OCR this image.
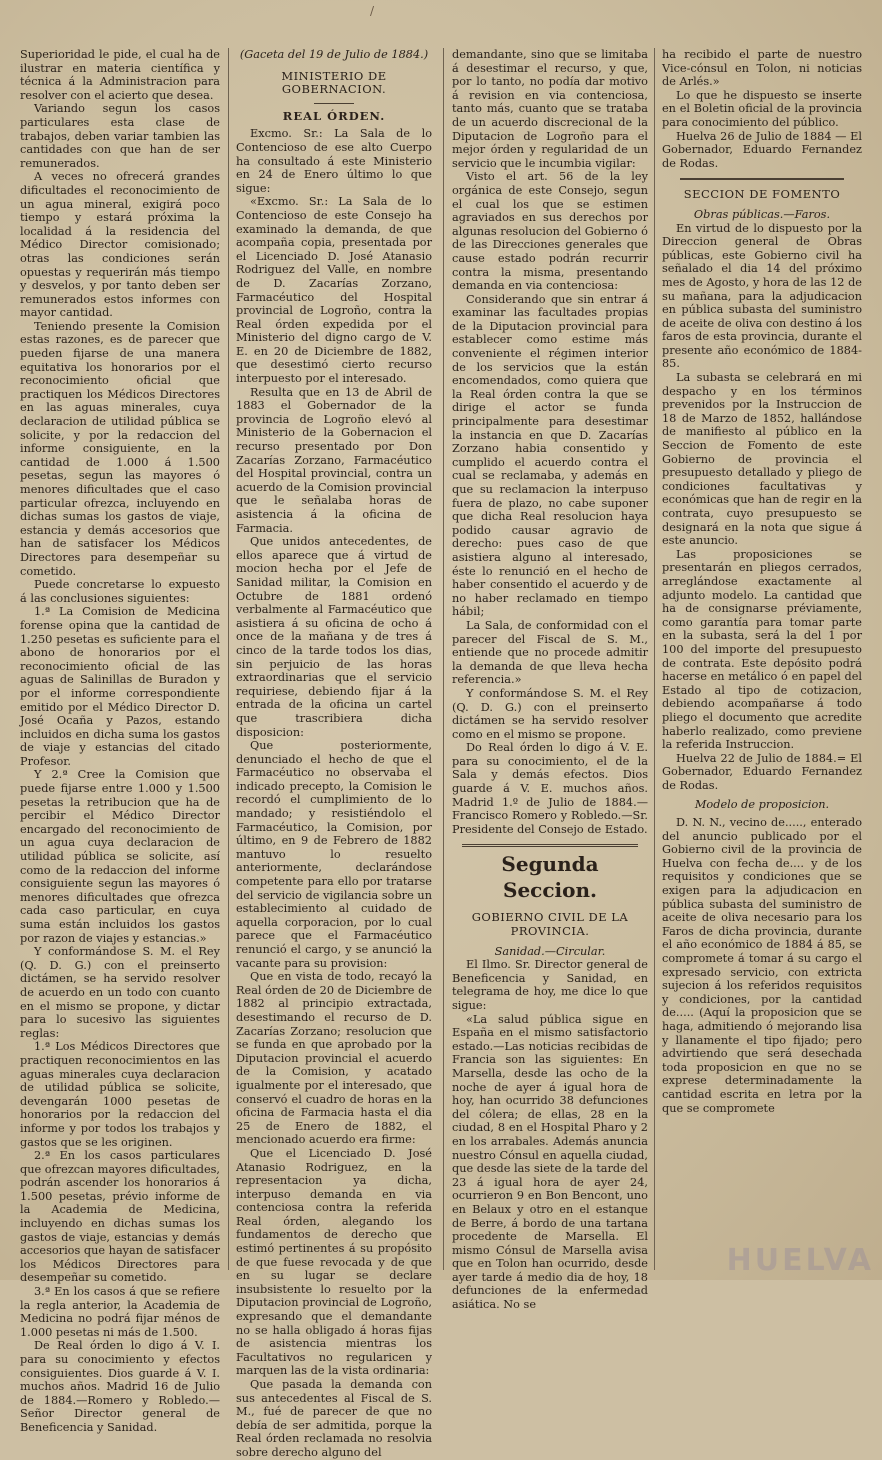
/

Superioridad le pide, el cual ha de ilustrar en materia científica y técnica á la Administracion para resolver con el acierto que desea.

Variando segun los casos particulares esta clase de trabajos, deben variar tambien las cantidades con que han de ser remunerados.

A veces no ofrecerá grandes dificultades el reconocimiento de un agua mineral, exigirá poco tiempo y estará próxima la localidad á la residencia del Médico Director comisionado; otras las condiciones serán opuestas y requerirán más tiempo y desvelos, y por tanto deben ser remunerados estos informes con mayor cantidad.

Teniendo presente la Comision estas razones, es de parecer que pueden fijarse de una manera equitativa los honorarios por el reconocimiento oficial que practiquen los Médicos Directores en las aguas minerales, cuya declaracion de utilidad pública se solicite, y por la redaccion del informe consiguiente, en la cantidad de 1.000 á 1.500 pesetas, segun las mayores ó menores dificultades que el caso particular ofrezca, incluyendo en dichas sumas los gastos de viaje, estancia y demás accesorios que han de satisfacer los Médicos Directores para desempeñar su cometido.

Puede concretarse lo expuesto á las conclusiones siguientes:

1.ª La Comision de Medicina forense opina que la cantidad de 1.250 pesetas es suficiente para el abono de honorarios por el reconocimiento oficial de las aguas de Salinillas de Buradon y por el informe correspondiente emitido por el Médico Director D. José Ocaña y Pazos, estando incluidos en dicha suma los gastos de viaje y estancias del citado Profesor.

Y 2.ª Cree la Comision que puede fijarse entre 1.000 y 1.500 pesetas la retribucion que ha de percibir el Médico Director encargado del reconocimiento de un agua cuya declaracion de utilidad pública se solicite, así como de la redaccion del informe consiguiente segun las mayores ó menores dificultades que ofrezca cada caso particular, en cuya suma están incluidos los gastos por razon de viajes y estancias.»

Y conformándose S. M. el Rey (Q. D. G.) con el preinserto dictámen, se ha servido resolver de acuerdo en un todo con cuanto en el mismo se propone, y dictar para lo sucesivo las siguientes reglas:

1.ª Los Médicos Directores que practiquen reconocimientos en las aguas minerales cuya declaracion de utilidad pública se solicite, devengarán 1000 pesetas de honorarios por la redaccion del informe y por todos los trabajos y gastos que se les originen.

2.ª En los casos particulares que ofrezcan mayores dificultades, podrán ascender los honorarios á 1.500 pesetas, prévio informe de la Academia de Medicina, incluyendo en dichas sumas los gastos de viaje, estancias y demás accesorios que hayan de satisfacer los Médicos Directores para desempeñar su cometido.

3.ª En los casos á que se refiere la regla anterior, la Academia de Medicina no podrá fijar ménos de 1.000 pesetas ni más de 1.500.

De Real órden lo digo á V. I. para su conocimiento y efectos consiguientes. Dios guarde á V. I. muchos años. Madrid 16 de Julio de 1884.—Romero y Robledo.—Señor Director general de Beneficencia y Sanidad.

(Gaceta del 19 de Julio de 1884.)

MINISTERIO DE GOBERNACION.

REAL ÓRDEN.

Excmo. Sr.: La Sala de lo Contencioso de ese alto Cuerpo ha consultado á este Ministerio en 24 de Enero último lo que sigue:

«Excmo. Sr.: La Sala de lo Contencioso de este Consejo ha examinado la demanda, de que acompaña copia, presentada por el Licenciado D. José Atanasio Rodriguez del Valle, en nombre de D. Zacarías Zorzano, Farmacéutico del Hospital provincial de Logroño, contra la Real órden expedida por el Ministerio del digno cargo de V. E. en 20 de Diciembre de 1882, que desestimó cierto recurso interpuesto por el interesado.

Resulta que en 13 de Abril de 1883 el Gobernador de la provincia de Logroño elevó al Ministerio de la Gobernacion el recurso presentado por Don Zacarías Zorzano, Farmacéutico del Hospital provincial, contra un acuerdo de la Comision provincial que le señalaba horas de asistencia á la oficina de Farmacia.

Que unidos antecedentes, de ellos aparece que á virtud de mocion hecha por el Jefe de Sanidad militar, la Comision en Octubre de 1881 ordenó verbalmente al Farmacéutico que asistiera á su oficina de ocho á once de la mañana y de tres á cinco de la tarde todos los dias, sin perjuicio de las horas extraordinarias que el servicio requiriese, debiendo fijar á la entrada de la oficina un cartel que trascribiera dicha disposicion:

Que posteriormente, denunciado el hecho de que el Farmacéutico no observaba el indicado precepto, la Comision le recordó el cumplimiento de lo mandado; y resistiéndolo el Farmacéutico, la Comision, por último, en 9 de Febrero de 1882 mantuvo lo resuelto anteriormente, declarándose competente para ello por tratarse del servicio de vigilancia sobre un establecimiento al cuidado de aquella corporacion, por lo cual parece que el Farmacéutico renunció el cargo, y se anunció la vacante para su provision:

Que en vista de todo, recayó la Real órden de 20 de Diciembre de 1882 al principio extractada, desestimando el recurso de D. Zacarías Zorzano; resolucion que se funda en que aprobado por la Diputacion provincial el acuerdo de la Comision, y acatado igualmente por el interesado, que conservó el cuadro de horas en la oficina de Farmacia hasta el dia 25 de Enero de 1882, el mencionado acuerdo era firme:

Que el Licenciado D. José Atanasio Rodriguez, en la representacion ya dicha, interpuso demanda en via contenciosa contra la referida Real órden, alegando los fundamentos de derecho que estimó pertinentes á su propósito de que fuese revocada y de que en su lugar se declare insubsistente lo resuelto por la Diputacion provincial de Logroño, expresando que el demandante no se halla obligado á horas fijas de asistencia mientras los Facultativos no regularicen y marquen las de la vista ordinaria:

Que pasada la demanda con sus antecedentes al Fiscal de S. M., fué de parecer de que no debía de ser admitida, porque la Real órden reclamada no resolvia sobre derecho alguno del

demandante, sino que se limitaba á desestimar el recurso, y que, por lo tanto, no podía dar motivo á revision en via contenciosa, tanto más, cuanto que se trataba de un acuerdo discrecional de la Diputacion de Logroño para el mejor órden y regularidad de un servicio que le incumbia vigilar:

Visto el art. 56 de la ley orgánica de este Consejo, segun el cual los que se estimen agraviados en sus derechos por algunas resolucion del Gobierno ó de las Direcciones generales que cause estado podrán recurrir contra la misma, presentando demanda en via contenciosa:

Considerando que sin entrar á examinar las facultades propias de la Diputacion provincial para establecer como estime más conveniente el régimen interior de los servicios que la están encomendados, como quiera que la Real órden contra la que se dirige el actor se funda principalmente para desestimar la instancia en que D. Zacarías Zorzano habia consentido y cumplido el acuerdo contra el cual se reclamaba, y además en que su reclamacion la interpuso fuera de plazo, no cabe suponer que dicha Real resolucion haya podido causar agravio de derecho: pues caso de que asistiera alguno al interesado, éste lo renunció en el hecho de haber consentido el acuerdo y de no haber reclamado en tiempo hábil;

La Sala, de conformidad con el parecer del Fiscal de S. M., entiende que no procede admitir la demanda de que lleva hecha referencia.»

Y conformándose S. M. el Rey (Q. D. G.) con el preinserto dictámen se ha servido resolver como en el mismo se propone.

Do Real órden lo digo á V. E. para su conocimiento, el de la Sala y demás efectos. Dios guarde á V. E. muchos años. Madrid 1.º de Julio de 1884.—Francisco Romero y Robledo.—Sr. Presidente del Consejo de Estado.

Segunda Seccion.

GOBIERNO CIVIL DE LA PROVINCIA.

Sanidad.—Circular.

El Ilmo. Sr. Director general de Beneficencia y Sanidad, en telegrama de hoy, me dice lo que sigue:

«La salud pública sigue en España en el mismo satisfactorio estado.—Las noticias recibidas de Francia son las siguientes: En Marsella, desde las ocho de la noche de ayer á igual hora de hoy, han ocurrido 38 defunciones del cólera; de ellas, 28 en la ciudad, 8 en el Hospital Pharo y 2 en los arrabales. Además anuncia nuestro Cónsul en aquella ciudad, que desde las siete de la tarde del 23 á igual hora de ayer 24, ocurrieron 9 en Bon Bencont, uno en Belaux y otro en el estanque de Berre, á bordo de una tartana procedente de Marsella. El mismo Cónsul de Marsella avisa que en Tolon han ocurrido, desde ayer tarde á medio dia de hoy, 18 defunciones de la enfermedad asiática. No se

ha recibido el parte de nuestro Vice-cónsul en Tolon, ni noticias de Arlés.»

Lo que he dispuesto se inserte en el Boletin oficial de la provincia para conocimiento del público.

Huelva 26 de Julio de 1884 — El Gobernador, Eduardo Fernandez de Rodas.

SECCION DE FOMENTO

Obras públicas.—Faros.

En virtud de lo dispuesto por la Direccion general de Obras públicas, este Gobierno civil ha señalado el dia 14 del próximo mes de Agosto, y hora de las 12 de su mañana, para la adjudicacion en pública subasta del suministro de aceite de oliva con destino á los faros de esta provincia, durante el presente año económico de 1884-85.

La subasta se celebrará en mi despacho y en los términos prevenidos por la Instruccion de 18 de Marzo de 1852, hallándose de manifiesto al público en la Seccion de Fomento de este Gobierno de provincia el presupuesto detallado y pliego de condiciones facultativas y económicas que han de regir en la contrata, cuyo presupuesto se designará en la nota que sigue á este anuncio.

Las proposiciones se presentarán en pliegos cerrados, arreglándose exactamente al adjunto modelo. La cantidad que ha de consignarse préviamente, como garantía para tomar parte en la subasta, será la del 1 por 100 del importe del presupuesto de contrata. Este depósito podrá hacerse en metálico ó en papel del Estado al tipo de cotizacion, debiendo acompañarse á todo pliego el documento que acredite haberlo realizado, como previene la referida Instruccion.

Huelva 22 de Julio de 1884.= El Gobernador, Eduardo Fernandez de Rodas.

Modelo de proposicion.

D. N. N., vecino de....., enterado del anuncio publicado por el Gobierno civil de la provincia de Huelva con fecha de.... y de los requisitos y condiciones que se exigen para la adjudicacion en pública subasta del suministro de aceite de oliva necesario para los Faros de dicha provincia, durante el año económico de 1884 á 85, se compromete á tomar á su cargo el expresado servicio, con extricta sujecion á los referidos requisitos y condiciones, por la cantidad de..... (Aquí la proposicion que se haga, admitiendo ó mejorando lisa y llanamente el tipo fijado; pero advirtiendo que será desechada toda proposicion en que no se exprese determinadamente la cantidad escrita en letra por la que se compromete

HUELVA
